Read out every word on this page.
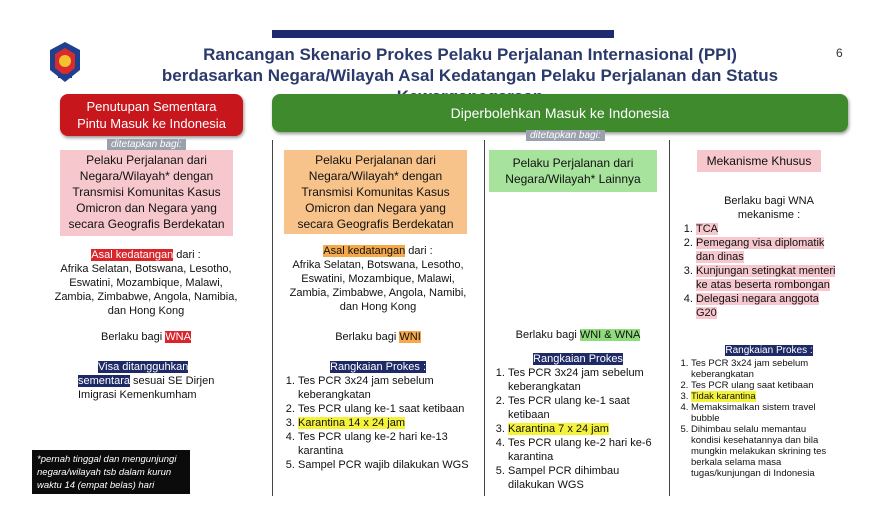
Rancangan Skenario Prokes Pelaku Perjalanan Internasional (PPI)
berdasarkan Negara/Wilayah Asal Kedatangan Pelaku Perjalanan dan Status
6
Penutupan Sementara
Pintu Masuk ke Indonesia
ditetapkan bagi:
Diperbolehkan Masuk ke Indonesia
ditetapkan bagi:
Pelaku Perjalanan dari
Negara/Wilayah* dengan
Transmisi Komunitas Kasus
Omicron dan Negara yang
secara Geografis Berdekatan
Asal kedatangan dari :
Afrika Selatan, Botswana, Lesotho,
Eswatini, Mozambique, Malawi,
Zambia, Zimbabwe, Angola, Namibia,
dan Hong Kong
Berlaku bagi WNA
Visa ditangguhkan
sementara sesuai SE Dirjen
Imigrasi Kemenkumham
*pernah tinggal dan mengunjungi negara/wilayah tsb dalam kurun waktu 14 (empat belas) hari
Pelaku Perjalanan dari
Negara/Wilayah* dengan
Transmisi Komunitas Kasus
Omicron dan Negara yang
secara Geografis Berdekatan
Asal kedatangan dari :
Afrika Selatan, Botswana, Lesotho,
Eswatini, Mozambique, Malawi,
Zambia, Zimbabwe, Angola, Namibi,
dan Hong Kong
Berlaku bagi WNI
Rangkaian Prokes :
1. Tes PCR 3x24 jam sebelum keberangkatan
2. Tes PCR ulang ke-1 saat ketibaan
3. Karantina 14 x 24 jam
4. Tes PCR ulang ke-2 hari ke-13 karantina
5. Sampel PCR wajib dilakukan WGS
Pelaku Perjalanan dari
Negara/Wilayah* Lainnya
Berlaku bagi WNI & WNA
Rangkaian Prokes
1. Tes PCR 3x24 jam sebelum keberangkatan
2. Tes PCR ulang ke-1 saat ketibaan
3. Karantina 7 x 24 jam
4. Tes PCR ulang ke-2 hari ke-6 karantina
5. Sampel PCR dihimbau dilakukan WGS
Mekanisme Khusus
Berlaku bagi WNA
mekanisme :
1. TCA
2. Pemegang visa diplomatik dan dinas
3. Kunjungan setingkat menteri ke atas beserta rombongan
4. Delegasi negara anggota G20
Rangkaian Prokes :
1. Tes PCR 3x24 jam sebelum keberangkatan
2. Tes PCR ulang saat ketibaan
3. Tidak karantina
4. Memaksimalkan sistem travel bubble
5. Dihimbau selalu memantau kondisi kesehatannya dan bila mungkin melakukan skrining tes berkala selama masa tugas/kunjungan di Indonesia
